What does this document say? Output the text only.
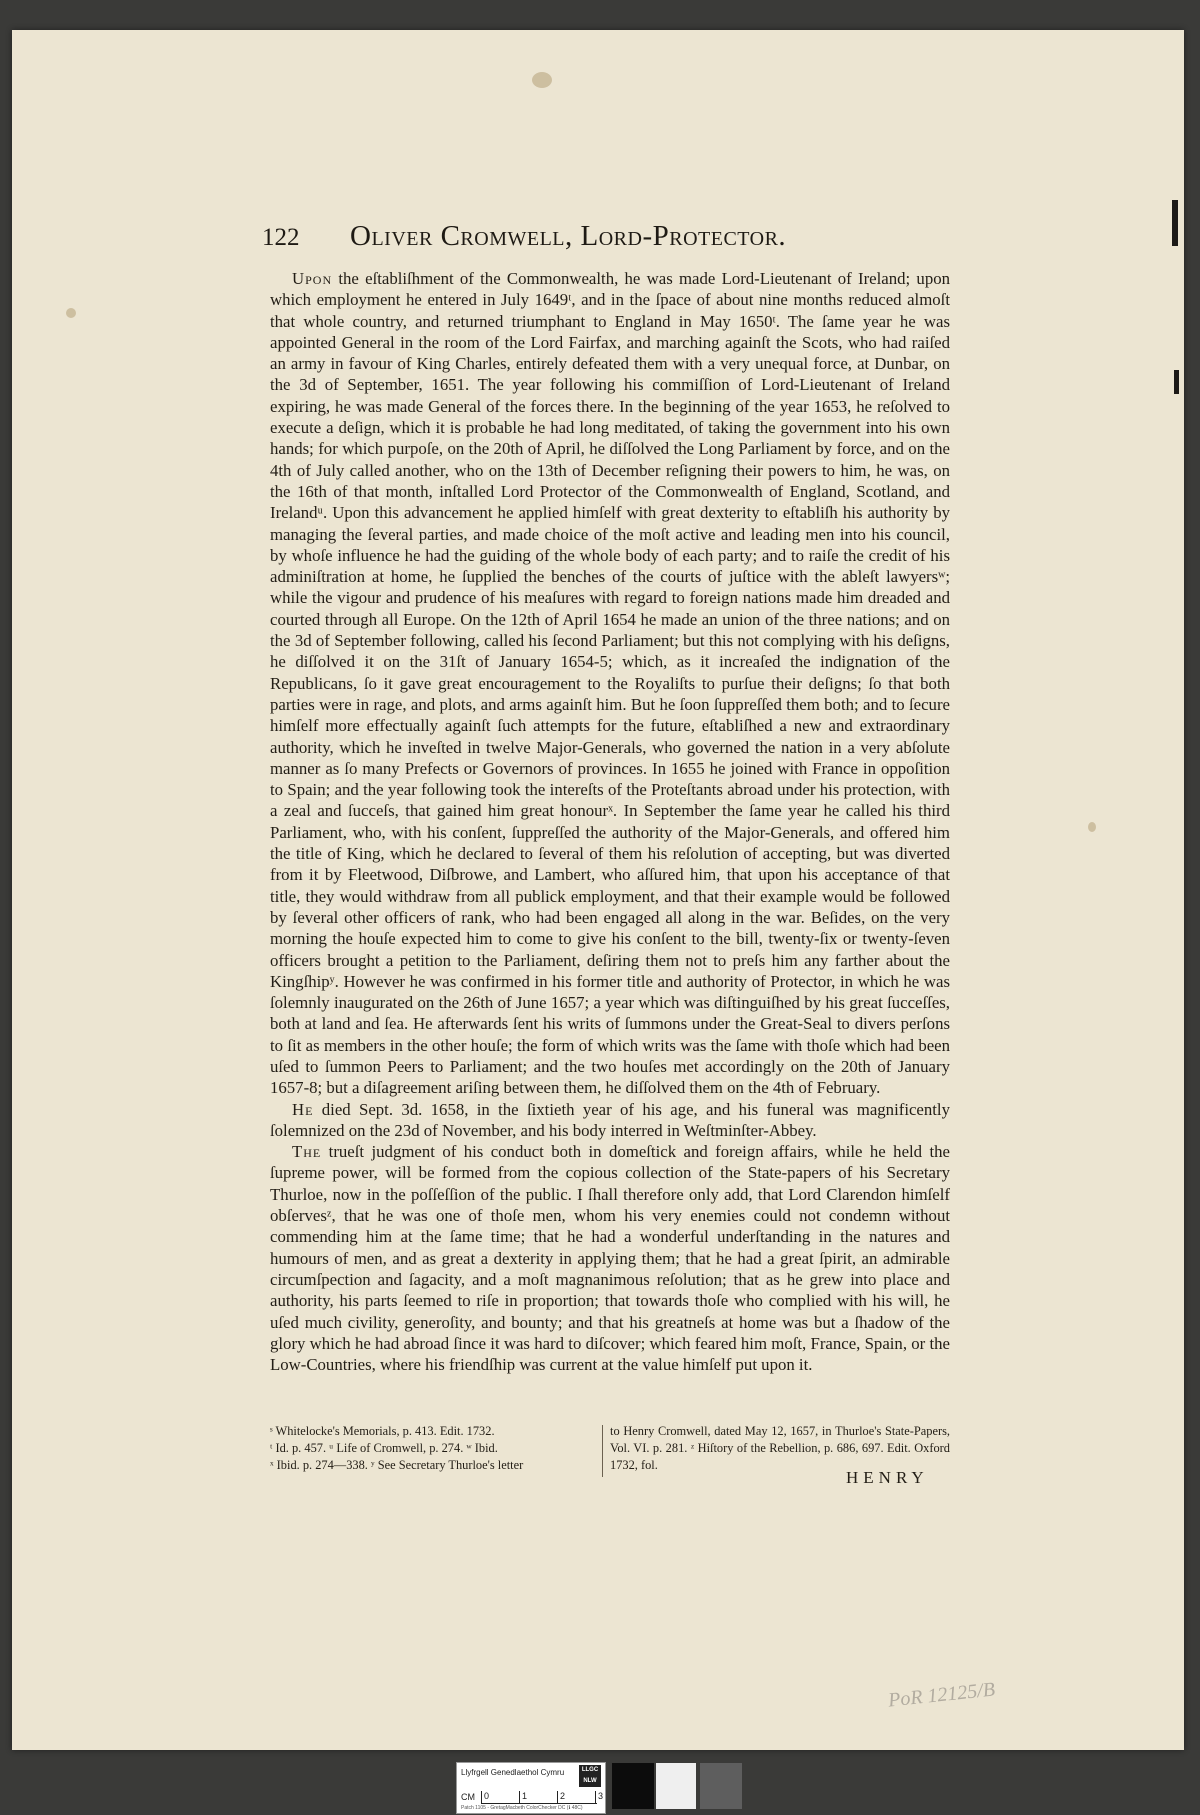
122	Oliver Cromwell, Lord-Protector.

Upon the eſtabliſhment of the Commonwealth, he was made Lord-Lieutenant of Ireland; upon which employment he entered in July 1649ᵗ, and in the ſpace of about nine months reduced almoſt that whole country, and returned triumphant to England in May 1650ᵗ. The ſame year he was appointed General in the room of the Lord Fairfax, and marching againſt the Scots, who had raiſed an army in favour of King Charles, entirely defeated them with a very unequal force, at Dunbar, on the 3d of September, 1651. The year following his commiſſion of Lord-Lieutenant of Ireland expiring, he was made General of the forces there. In the beginning of the year 1653, he reſolved to execute a deſign, which it is probable he had long meditated, of taking the government into his own hands; for which purpoſe, on the 20th of April, he diſſolved the Long Parliament by force, and on the 4th of July called another, who on the 13th of December reſigning their powers to him, he was, on the 16th of that month, inſtalled Lord Protector of the Commonwealth of England, Scotland, and Irelandᵘ. Upon this advancement he applied himſelf with great dexterity to eſtabliſh his authority by managing the ſeveral parties, and made choice of the moſt active and leading men into his council, by whoſe influence he had the guiding of the whole body of each party; and to raiſe the credit of his adminiſtration at home, he ſupplied the benches of the courts of juſtice with the ableſt lawyersʷ; while the vigour and prudence of his meaſures with regard to foreign nations made him dreaded and courted through all Europe. On the 12th of April 1654 he made an union of the three nations; and on the 3d of September following, called his ſecond Parliament; but this not complying with his deſigns, he diſſolved it on the 31ſt of January 1654-5; which, as it increaſed the indignation of the Republicans, ſo it gave great encouragement to the Royaliſts to purſue their deſigns; ſo that both parties were in rage, and plots, and arms againſt him. But he ſoon ſuppreſſed them both; and to ſecure himſelf more effectually againſt ſuch attempts for the future, eſtabliſhed a new and extraordinary authority, which he inveſted in twelve Major-Generals, who governed the nation in a very abſolute manner as ſo many Prefects or Governors of provinces. In 1655 he joined with France in oppoſition to Spain; and the year following took the intereſts of the Proteſtants abroad under his protection, with a zeal and ſucceſs, that gained him great honourˣ. In September the ſame year he called his third Parliament, who, with his conſent, ſuppreſſed the authority of the Major-Generals, and offered him the title of King, which he declared to ſeveral of them his reſolution of accepting, but was diverted from it by Fleetwood, Diſbrowe, and Lambert, who aſſured him, that upon his acceptance of that title, they would withdraw from all publick employment, and that their example would be followed by ſeveral other officers of rank, who had been engaged all along in the war. Beſides, on the very morning the houſe expected him to come to give his conſent to the bill, twenty-ſix or twenty-ſeven officers brought a petition to the Parliament, deſiring them not to preſs him any farther about the Kingſhipʸ. However he was confirmed in his former title and authority of Protector, in which he was ſolemnly inaugurated on the 26th of June 1657; a year which was diſtinguiſhed by his great ſucceſſes, both at land and ſea. He afterwards ſent his writs of ſummons under the Great-Seal to divers perſons to ſit as members in the other houſe; the form of which writs was the ſame with thoſe which had been uſed to ſummon Peers to Parliament; and the two houſes met accordingly on the 20th of January 1657-8; but a diſagreement ariſing between them, he diſſolved them on the 4th of February.

He died Sept. 3d. 1658, in the ſixtieth year of his age, and his funeral was magnificently ſolemnized on the 23d of November, and his body interred in Weſtminſter-Abbey.

The trueſt judgment of his conduct both in domeſtick and foreign affairs, while he held the ſupreme power, will be formed from the copious collection of the State-papers of his Secretary Thurloe, now in the poſſeſſion of the public. I ſhall therefore only add, that Lord Clarendon himſelf obſervesᶻ, that he was one of thoſe men, whom his very enemies could not condemn without commending him at the ſame time; that he had a wonderful underſtanding in the natures and humours of men, and as great a dexterity in applying them; that he had a great ſpirit, an admirable circumſpection and ſagacity, and a moſt magnanimous reſolution; that as he grew into place and authority, his parts ſeemed to riſe in proportion; that towards thoſe who complied with his will, he uſed much civility, generoſity, and bounty; and that his greatneſs at home was but a ſhadow of the glory which he had abroad ſince it was hard to diſcover; which feared him moſt, France, Spain, or the Low-Countries, where his friendſhip was current at the value himſelf put upon it.

ˢ Whitelocke's Memorials, p. 413. Edit. 1732.
ᵗ Id. p. 457. ᵘ Life of Cromwell, p. 274. ʷ Ibid.
ˣ Ibid. p. 274—338. ʸ See Secretary Thurloe's letter
to Henry Cromwell, dated May 12, 1657, in Thurloe's State-Papers, Vol. VI. p. 281. ᶻ Hiſtory of the Rebellion, p. 686, 697. Edit. Oxford 1732, fol.
HENRY
PoR 12125/B
Llyfrgell Genedlaethol Cymru	LLGC NLW
CM 0	1	2	3
Patch 1105 - GretagMacbeth ColorChecker DC (ℹ 48C)
